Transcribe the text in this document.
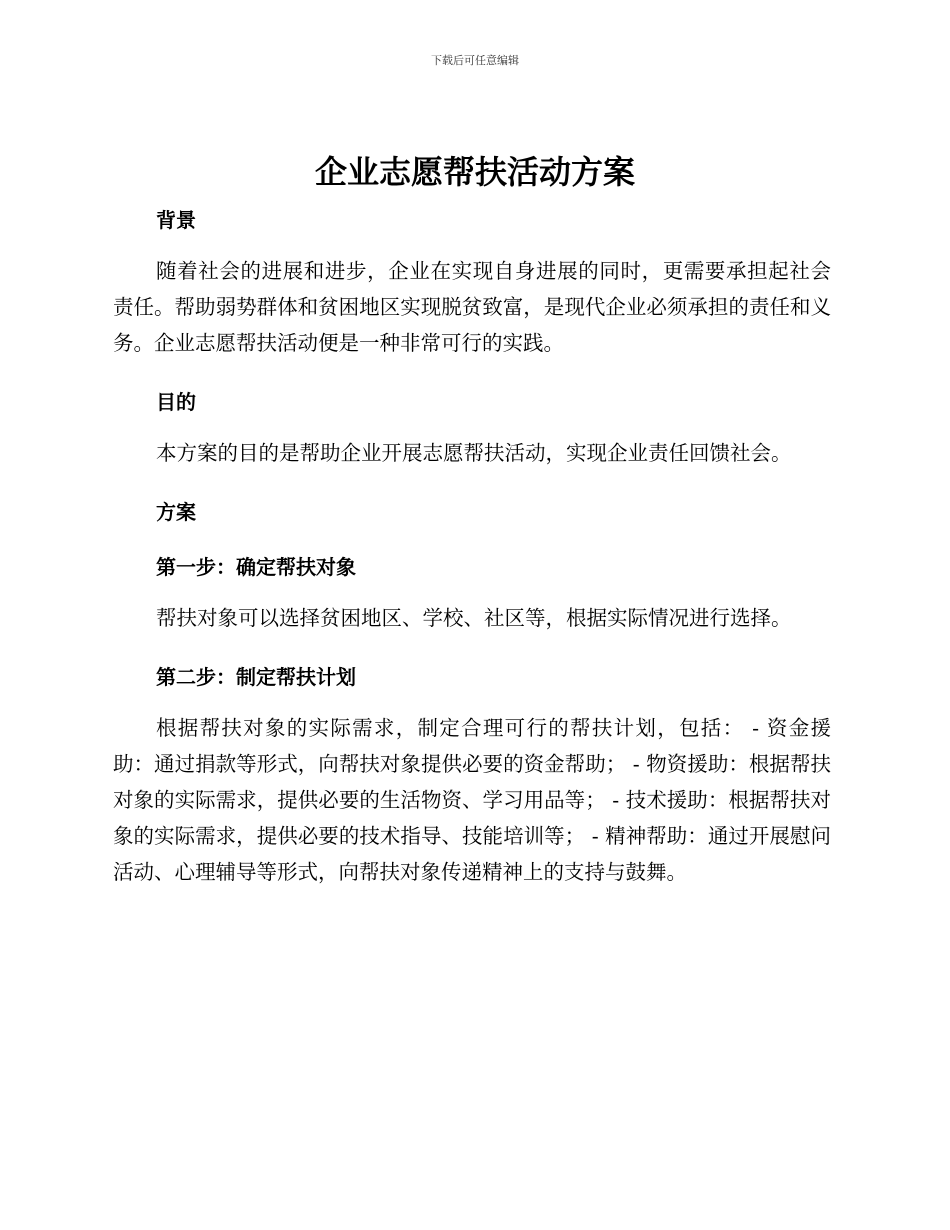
下载后可任意编辑
企业志愿帮扶活动方案
背景

随着社会的进展和进步，企业在实现自身进展的同时，更需要承担起社会责任。帮助弱势群体和贫困地区实现脱贫致富，是现代企业必须承担的责任和义务。企业志愿帮扶活动便是一种非常可行的实践。

目的

本方案的目的是帮助企业开展志愿帮扶活动，实现企业责任回馈社会。

方案
第一步：确定帮扶对象

帮扶对象可以选择贫困地区、学校、社区等，根据实际情况进行选择。

第二步：制定帮扶计划

根据帮扶对象的实际需求，制定合理可行的帮扶计划，包括： - 资金援助：通过捐款等形式，向帮扶对象提供必要的资金帮助； - 物资援助：根据帮扶对象的实际需求，提供必要的生活物资、学习用品等； - 技术援助：根据帮扶对象的实际需求，提供必要的技术指导、技能培训等； - 精神帮助：通过开展慰问活动、心理辅导等形式，向帮扶对象传递精神上的支持与鼓舞。
